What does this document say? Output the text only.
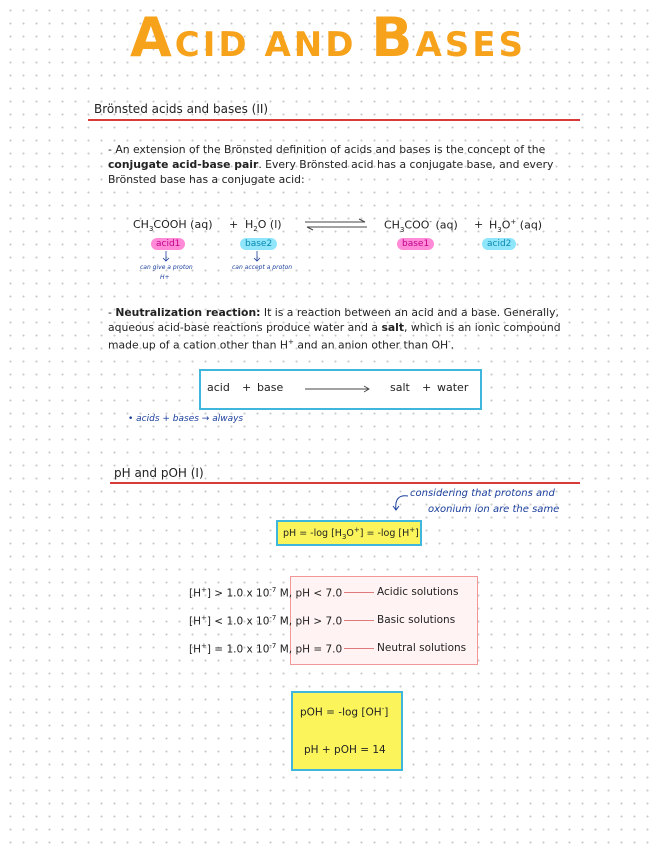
ACID AND BASES
Brönsted acids and bases (II)
- An extension of the Brönsted definition of acids and bases is the concept of the conjugate acid-base pair. Every Brönsted acid has a conjugate base, and every Brönsted base has a conjugate acid:
$CH_3COOH$ $(aq) + H_2O$ (l)	$CH_3COO^-$ $(aq) + H_3O^+$ (aq)
acid1	base2	base1	acid2
can give a proton
H+
can accept a proton
- Neutralization reaction: It is a reaction between an acid and a base. Generally, aqueous acid-base reactions produce water and a salt, which is an ionic compound made up of a cation other than H+ and an anion other than OH-.
acid + base	salt + water
• acids + bases → always
pH and pOH (I)
considering that protons and
oxonium ion are the same
pH = -log $[H_3O^+] = -\log$ [H+]
[H+] > 1.0 x $10^{-7}$ M, pH < 7.0	Acidic solutions
[H+] < 1.0 x $10^{-7}$ M, pH > 7.0	Basic solutions
[H+] = 1.0 x $10^{-7}$ M, pH = 7.0	Neutral solutions
pOH = -log [OH-]
pH + pOH = 14
